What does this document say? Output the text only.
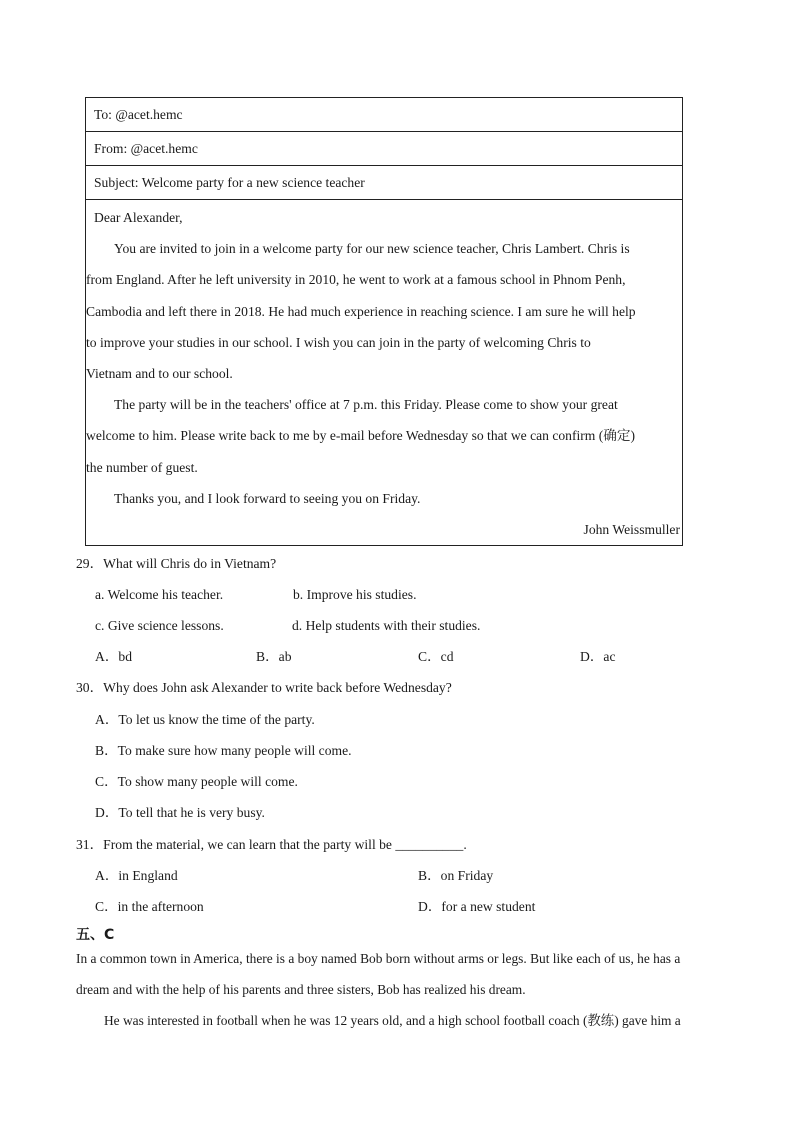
To: @acet.hemc
From: @acet.hemc
Subject: Welcome party for a new science teacher
Dear Alexander,
You are invited to join in a welcome party for our new science teacher, Chris Lambert. Chris is
from England. After he left university in 2010, he went to work at a famous school in Phnom Penh,
Cambodia and left there in 2018. He had much experience in reaching science. I am sure he will help
to improve your studies in our school. I wish you can join in the party of welcoming Chris to
Vietnam and to our school.
The party will be in the teachers' office at 7 p.m. this Friday. Please come to show your great
welcome to him. Please write back to me by e-mail before Wednesday so that we can confirm (确定)
the number of guest.
Thanks you, and I look forward to seeing you on Friday.
John Weissmuller
29．What will Chris do in Vietnam?
a. Welcome his teacher.	b. Improve his studies.
c. Give science lessons.	d. Help students with their studies.
A．bd	B．ab	C．cd	D．ac
30．Why does John ask Alexander to write back before Wednesday?
A．To let us know the time of the party.
B．To make sure how many people will come.
C．To show many people will come.
D．To tell that he is very busy.
31．From the material, we can learn that the party will be __________.
A．in England	B．on Friday
C．in the afternoon	D．for a new student
五、C
In a common town in America, there is a boy named Bob born without arms or legs. But like each of us, he has a
dream and with the help of his parents and three sisters, Bob has realized his dream.
He was interested in football when he was 12 years old, and a high school football coach (教练) gave him a
